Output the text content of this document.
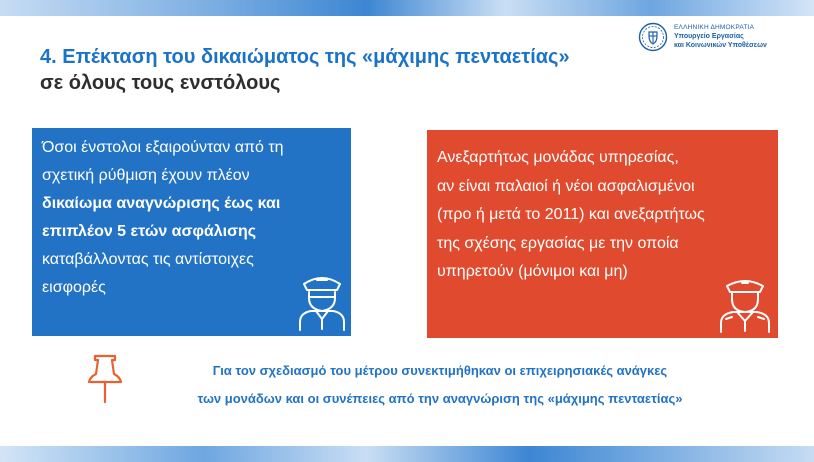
4. Επέκταση του δικαιώματος της «μάχιμης πενταετίας»
σε όλους τους ενστόλους
ΕΛΛΗΝΙΚΗ ΔΗΜΟΚΡΑΤΙΑ
Υπουργείο Εργασίας
και Κοινωνικών Υποθέσεων
Όσοι ένστολοι εξαιρούνταν από τη
σχετική ρύθμιση έχουν πλέον
δικαίωμα αναγνώρισης έως και
επιπλέον 5 ετών ασφάλισης
καταβάλλοντας τις αντίστοιχες
εισφορές
Ανεξαρτήτως μονάδας υπηρεσίας,
αν είναι παλαιοί ή νέοι ασφαλισμένοι
(προ ή μετά το 2011) και ανεξαρτήτως
της σχέσης εργασίας με την οποία
υπηρετούν (μόνιμοι και μη)
Για τον σχεδιασμό του μέτρου συνεκτιμήθηκαν οι επιχειρησιακές ανάγκες
των μονάδων και οι συνέπειες από την αναγνώριση της «μάχιμης πενταετίας»
